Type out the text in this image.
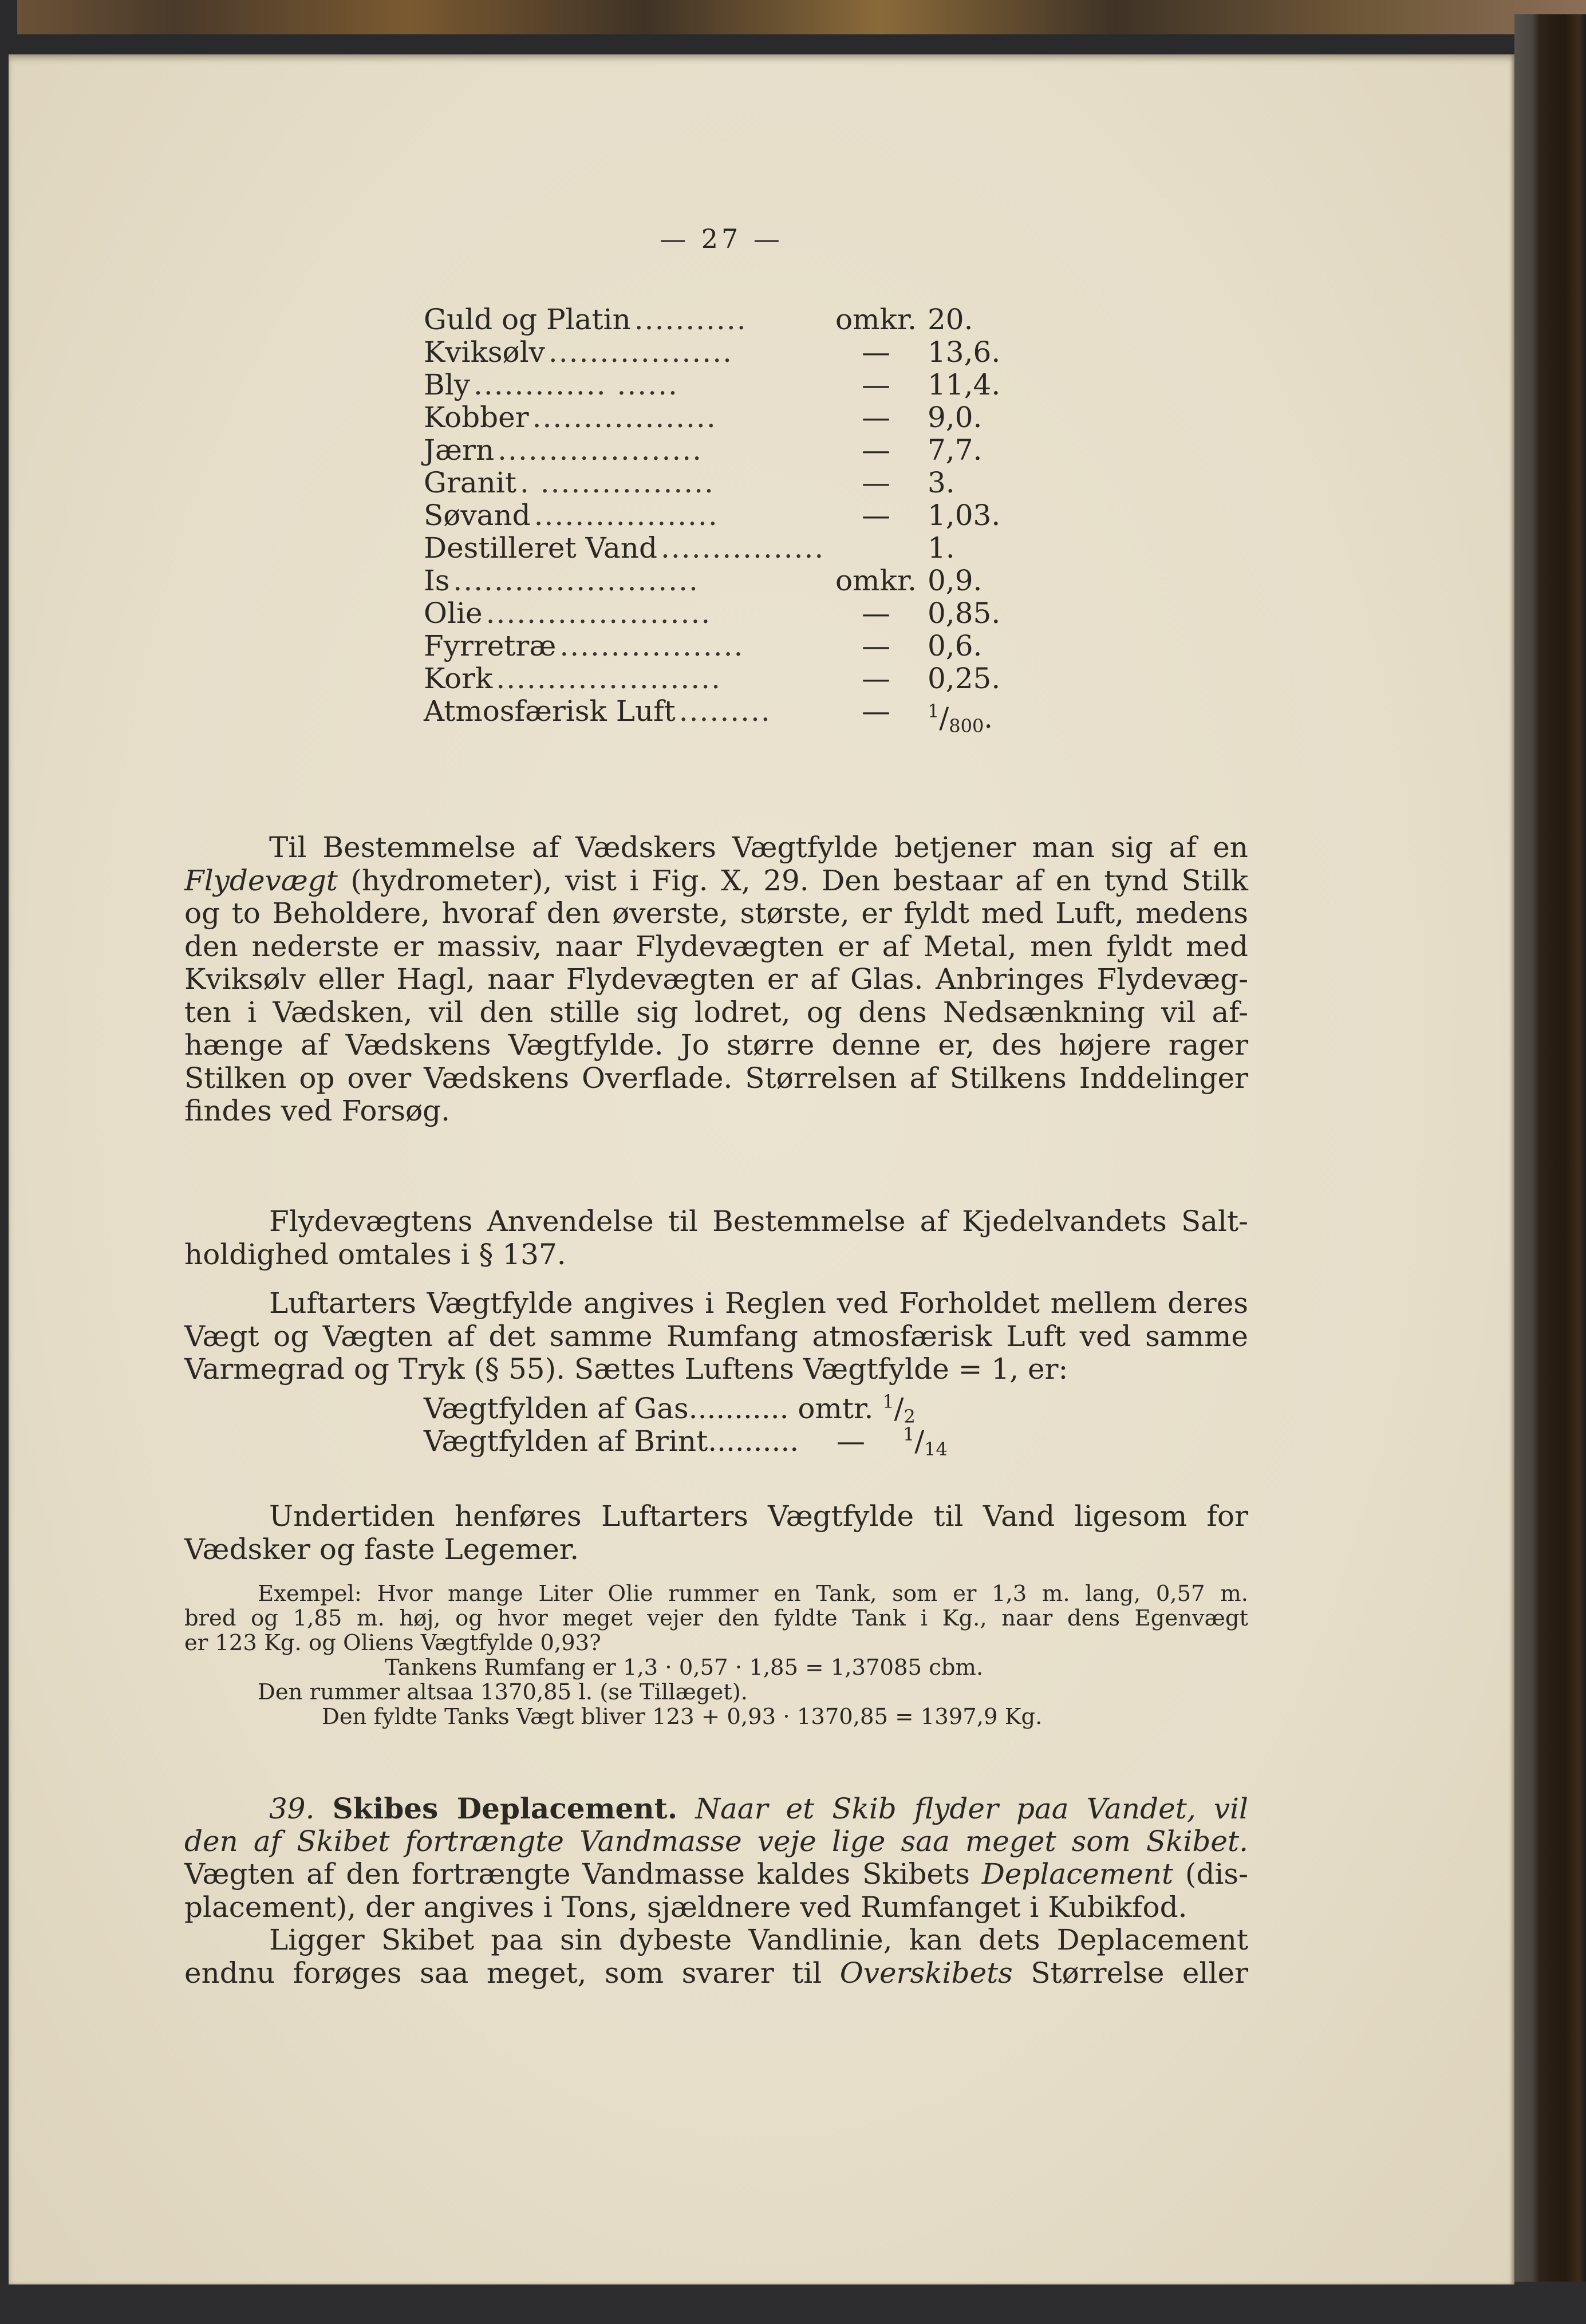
— 27 —
Guld og Platin ...........	omkr. 20.
Kviksølv ..................	—	13,6.
Bly ............. ......	—	11,4.
Kobber ..................	—	9,0.
Jærn ....................	—	7,7.
Granit . .................	—	3.
Søvand ..................	—	1,03.
Destilleret Vand ................	1.
Is ........................	omkr. 0,9.
Olie ......................	—	0,85.
Fyrretræ ..................	—	0,6.
Kork ......................	—	0,25.
Atmosfærisk Luft .........	—	$^1/_{800}$.
Til Bestemmelse af Vædskers Vægtfylde betjener man sig af en
Flydevægt (hydrometer), vist i Fig. X, 29. Den bestaar af en tynd Stilk
og to Beholdere, hvoraf den øverste, største, er fyldt med Luft, medens
den nederste er massiv, naar Flydevægten er af Metal, men fyldt med
Kviksølv eller Hagl, naar Flydevægten er af Glas. Anbringes Flydevæg-
ten i Vædsken, vil den stille sig lodret, og dens Nedsænkning vil af-
hænge af Vædskens Vægtfylde. Jo større denne er, des højere rager
Stilken op over Vædskens Overflade. Størrelsen af Stilkens Inddelinger
findes ved Forsøg.
Flydevægtens Anvendelse til Bestemmelse af Kjedelvandets Salt-
holdighed omtales i § 137.
Luftarters Vægtfylde angives i Reglen ved Forholdet mellem deres
Vægt og Vægten af det samme Rumfang atmosfærisk Luft ved samme
Varmegrad og Tryk (§ 55). Sættes Luftens Vægtfylde = 1, er:
Vægtfylden af Gas........... omtr. $^1/_2$
Vægtfylden af Brint.......... — $^1/_{14}$
Undertiden henføres Luftarters Vægtfylde til Vand ligesom for
Vædsker og faste Legemer.
Exempel: Hvor mange Liter Olie rummer en Tank, som er 1,3 m. lang, 0,57 m.
bred og 1,85 m. høj, og hvor meget vejer den fyldte Tank i Kg., naar dens Egenvægt
er 123 Kg. og Oliens Vægtfylde 0,93?
Tankens Rumfang er 1,3 · 0,57 · 1,85 = 1,37085 cbm.
Den rummer altsaa 1370,85 l. (se Tillæget).
Den fyldte Tanks Vægt bliver 123 + 0,93 · 1370,85 = 1397,9 Kg.
39. Skibes Deplacement. Naar et Skib flyder paa Vandet, vil
den af Skibet fortrængte Vandmasse veje lige saa meget som Skibet.
Vægten af den fortrængte Vandmasse kaldes Skibets Deplacement (dis-
placement), der angives i Tons, sjældnere ved Rumfanget i Kubikfod.
Ligger Skibet paa sin dybeste Vandlinie, kan dets Deplacement
endnu forøges saa meget, som svarer til Overskibets Størrelse eller
